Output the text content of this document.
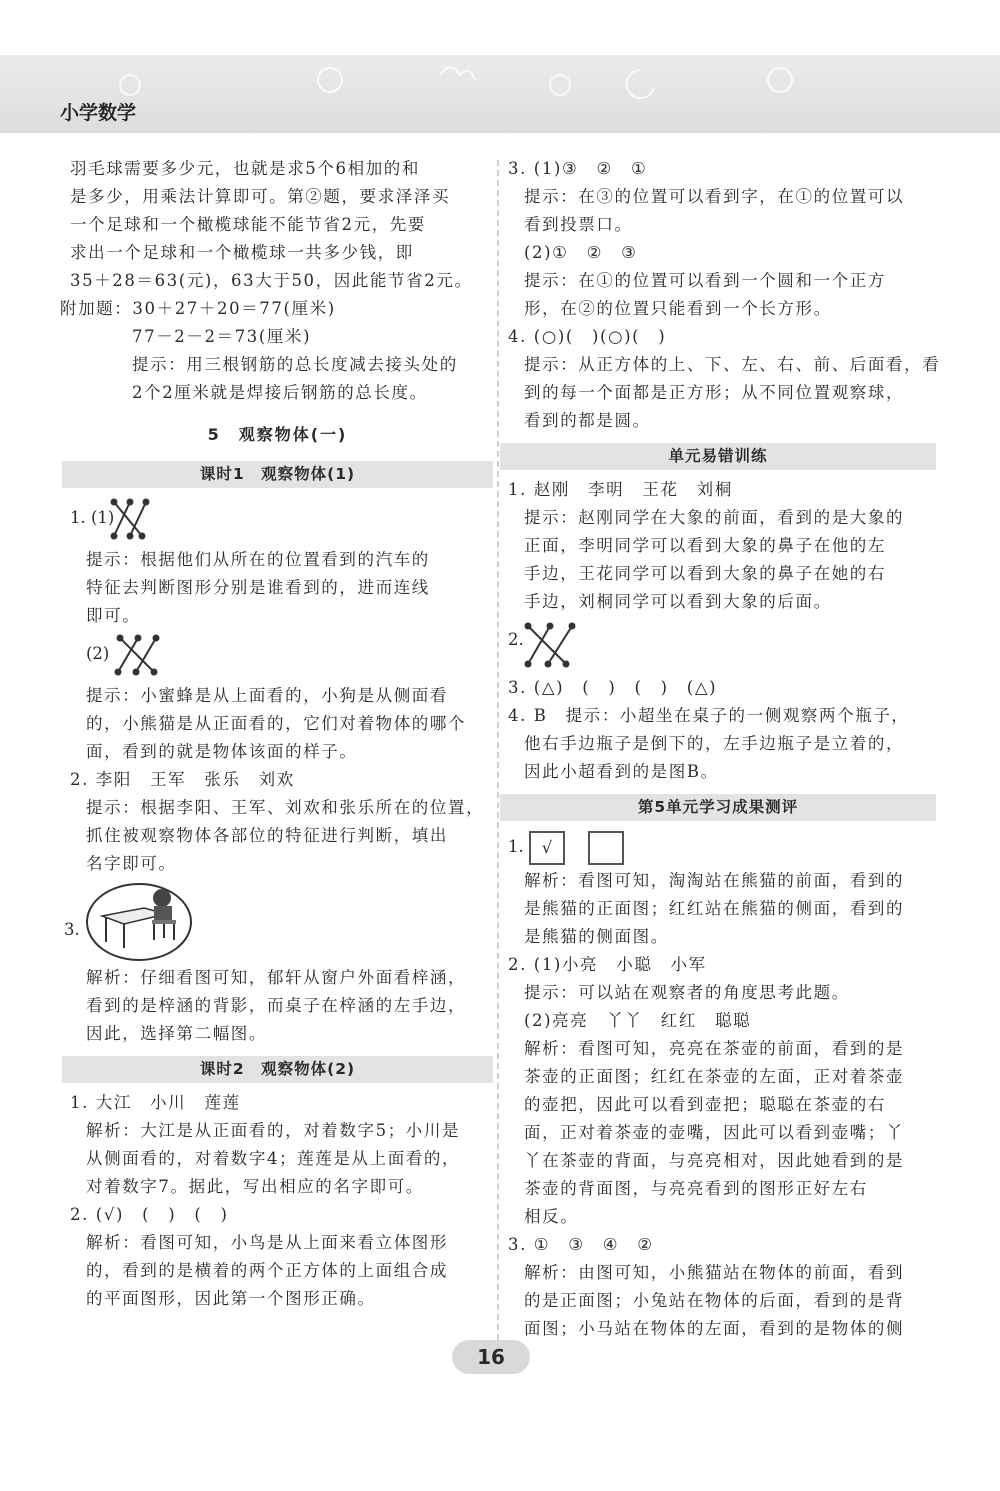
小学数学
羽毛球需要多少元，也就是求5个6相加的和
是多少，用乘法计算即可。第②题，要求泽泽买
一个足球和一个橄榄球能不能节省2元，先要
求出一个足球和一个橄榄球一共多少钱，即
35＋28＝63(元)，63大于50，因此能节省2元。
附加题：30＋27＋20＝77(厘米)
77－2－2＝73(厘米)
提示：用三根钢筋的总长度减去接头处的
2个2厘米就是焊接后钢筋的总长度。
5　观察物体(一)
课时1　观察物体(1)
1. (1)
提示：根据他们从所在的位置看到的汽车的
特征去判断图形分别是谁看到的，进而连线
即可。
(2)
提示：小蜜蜂是从上面看的，小狗是从侧面看
的，小熊猫是从正面看的，它们对着物体的哪个
面，看到的就是物体该面的样子。
2. 李阳　王军　张乐　刘欢
提示：根据李阳、王军、刘欢和张乐所在的位置，
抓住被观察物体各部位的特征进行判断，填出
名字即可。
3.
解析：仔细看图可知，郁轩从窗户外面看梓涵，
看到的是梓涵的背影，而桌子在梓涵的左手边，
因此，选择第二幅图。
课时2　观察物体(2)
1. 大江　小川　莲莲
解析：大江是从正面看的，对着数字5；小川是
从侧面看的，对着数字4；莲莲是从上面看的，
对着数字7。据此，写出相应的名字即可。
2. (√)　(　)　(　)
解析：看图可知，小鸟是从上面来看立体图形
的，看到的是横着的两个正方体的上面组合成
的平面图形，因此第一个图形正确。
3. (1)③　②　①
提示：在③的位置可以看到字，在①的位置可以
看到投票口。
(2)①　②　③
提示：在①的位置可以看到一个圆和一个正方
形，在②的位置只能看到一个长方形。
4. (○)(　)(○)(　)
提示：从正方体的上、下、左、右、前、后面看，看
到的每一个面都是正方形；从不同位置观察球，
看到的都是圆。
单元易错训练
1. 赵刚　李明　王花　刘桐
提示：赵刚同学在大象的前面，看到的是大象的
正面，李明同学可以看到大象的鼻子在他的左
手边，王花同学可以看到大象的鼻子在她的右
手边，刘桐同学可以看到大象的后面。
2.
3. (△)　(　)　(　)　(△)
4. B　提示：小超坐在桌子的一侧观察两个瓶子，
他右手边瓶子是倒下的，左手边瓶子是立着的，
因此小超看到的是图B。
第5单元学习成果测评
1. √
解析：看图可知，淘淘站在熊猫的前面，看到的
是熊猫的正面图；红红站在熊猫的侧面，看到的
是熊猫的侧面图。
2. (1)小亮　小聪　小军
提示：可以站在观察者的角度思考此题。
(2)亮亮　丫丫　红红　聪聪
解析：看图可知，亮亮在茶壶的前面，看到的是
茶壶的正面图；红红在茶壶的左面，正对着茶壶
的壶把，因此可以看到壶把；聪聪在茶壶的右
面，正对着茶壶的壶嘴，因此可以看到壶嘴；丫
丫在茶壶的背面，与亮亮相对，因此她看到的是
茶壶的背面图，与亮亮看到的图形正好左右
相反。
3. ①　③　④　②
解析：由图可知，小熊猫站在物体的前面，看到
的是正面图；小兔站在物体的后面，看到的是背
面图；小马站在物体的左面，看到的是物体的侧
16
